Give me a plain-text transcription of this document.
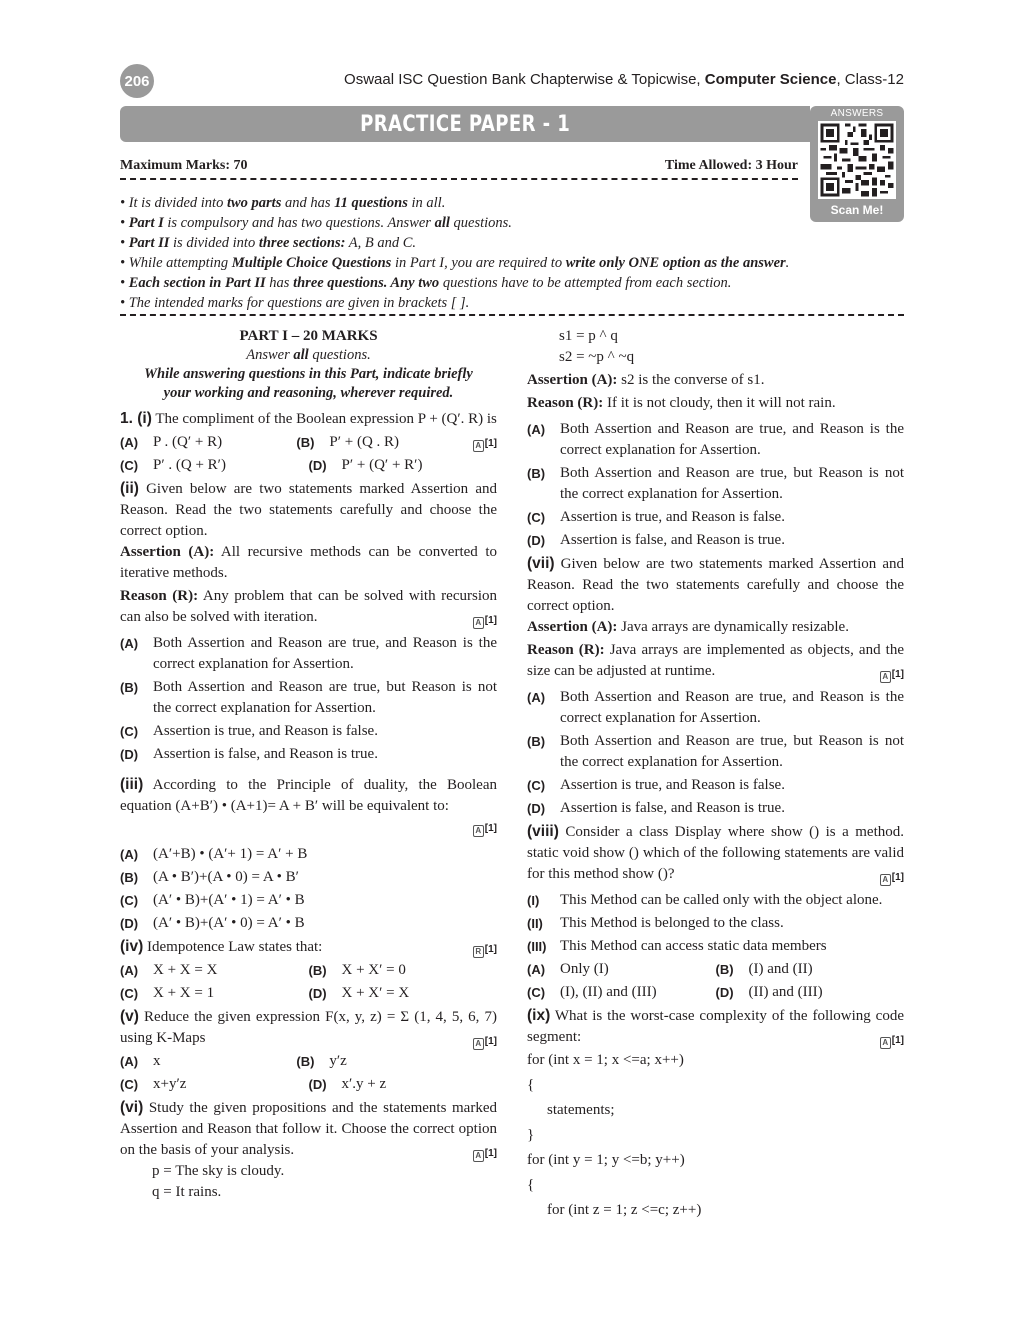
206	Oswaal ISC Question Bank Chapterwise & Topicwise, Computer Science, Class-12
PRACTICE PAPER - 1	ANSWERS
Scan Me!
Maximum Marks: 70	Time Allowed: 3 Hour
• It is divided into two parts and has 11 questions in all.
• Part I is compulsory and has two questions. Answer all questions.
• Part II is divided into three sections: A, B and C.
• While attempting Multiple Choice Questions in Part I, you are required to write only ONE option as the answer.
• Each section in Part II has three questions. Any two questions have to be attempted from each section.
• The intended marks for questions are given in brackets [ ].
PART I – 20 MARKS
Answer all questions.
While answering questions in this Part, indicate briefly
your working and reasoning, wherever required.
1. (i) The compliment of the Boolean expression P + (Q′. R) is
A [1]
(A) P . (Q′ + R)	(B) P′ + (Q . R)
(C) P′ . (Q + R′)	(D) P′ + (Q′ + R′)
(ii) Given below are two statements marked Assertion and Reason. Read the two statements carefully and choose the correct option.
Assertion (A): All recursive methods can be converted to iterative methods.
Reason (R): Any problem that can be solved with recursion can also be solved with iteration.	A [1]
(A) Both Assertion and Reason are true, and Reason is the correct explanation for Assertion.
(B) Both Assertion and Reason are true, but Reason is not the correct explanation for Assertion.
(C) Assertion is true, and Reason is false.
(D) Assertion is false, and Reason is true.
(iii) According to the Principle of duality, the Boolean equation (A+B′) • (A+1)= A + B′ will be equivalent to:
A [1]
(A) (A′+B) • (A′+ 1) = A′ + B
(B) (A • B′)+(A • 0) = A • B′
(C) (A′ • B)+(A′ • 1) = A′ • B
(D) (A′ • B)+(A′ • 0) = A′ • B
(iv) Idempotence Law states that:	R [1]
(A) X + X = X	(B) X + X′ = 0
(C) X + X = 1	(D) X + X′ = X
(v) Reduce the given expression F(x, y, z) = Σ (1, 4, 5, 6, 7) using K-Maps	A [1]
(A) x	(B) y′z
(C) x+y′z	(D) x′.y + z
(vi) Study the given propositions and the statements marked Assertion and Reason that follow it. Choose the correct option on the basis of your analysis.	A [1]
p = The sky is cloudy.
q = It rains.
s1 = p ^ q
s2 = ~p ^ ~q
Assertion (A): s2 is the converse of s1.
Reason (R): If it is not cloudy, then it will not rain.
(A) Both Assertion and Reason are true, and Reason is the correct explanation for Assertion.
(B) Both Assertion and Reason are true, but Reason is not the correct explanation for Assertion.
(C) Assertion is true, and Reason is false.
(D) Assertion is false, and Reason is true.
(vii) Given below are two statements marked Assertion and Reason. Read the two statements carefully and choose the correct option.
Assertion (A): Java arrays are dynamically resizable.
Reason (R): Java arrays are implemented as objects, and the size can be adjusted at runtime.	A [1]
(A) Both Assertion and Reason are true, and Reason is the correct explanation for Assertion.
(B) Both Assertion and Reason are true, but Reason is not the correct explanation for Assertion.
(C) Assertion is true, and Reason is false.
(D) Assertion is false, and Reason is true.
(viii) Consider a class Display where show () is a method. static void show () which of the following statements are valid for this method show ()?	A [1]
(I)	This Method can be called only with the object alone.
(II)	This Method is belonged to the class.
(III) This Method can access static data members
(A) Only (I)	(B) (I) and (II)
(C) (I), (II) and (III)	(D) (II) and (III)
(ix) What is the worst-case complexity of the following code segment:	A [1]
for (int x = 1; x <=a; x++)
{
statements;
}
for (int y = 1; y <=b; y++)
{
for (int z = 1; z <=c; z++)
